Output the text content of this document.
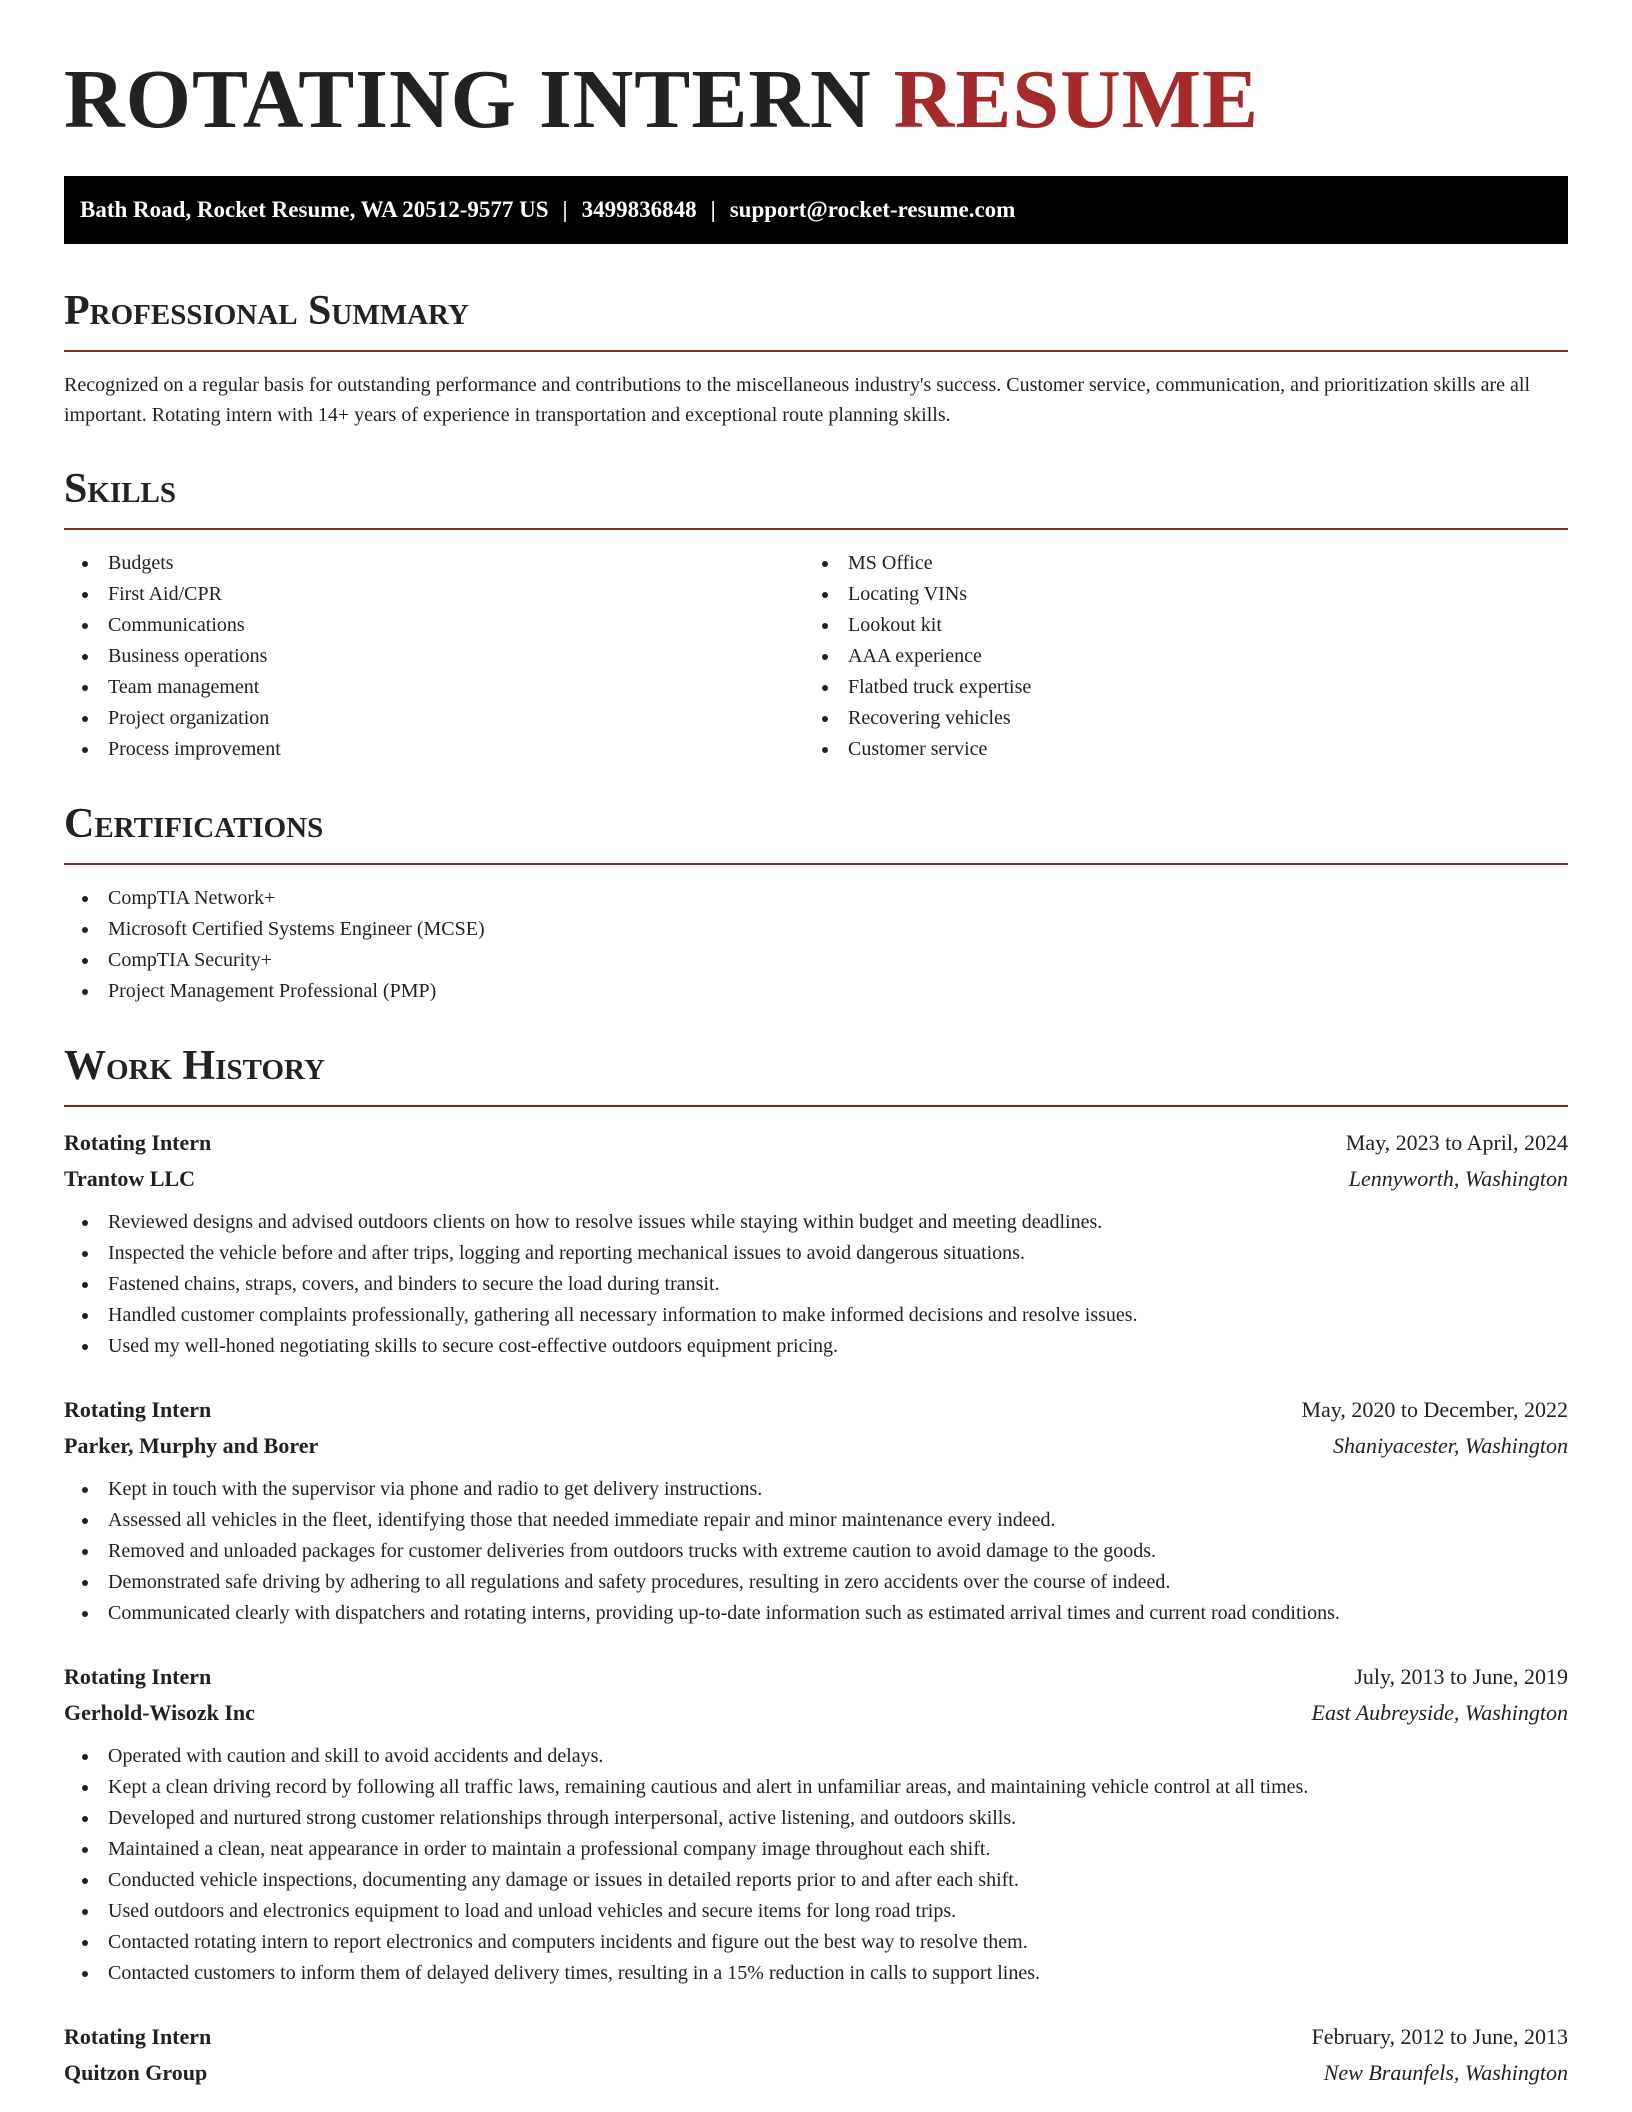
ROTATING INTERN RESUME
Bath Road, Rocket Resume, WA 20512-9577 US | 3499836848 | support@rocket-resume.com
Professional Summary

Recognized on a regular basis for outstanding performance and contributions to the miscellaneous industry's success. Customer service, communication, and prioritization skills are all important. Rotating intern with 14+ years of experience in transportation and exceptional route planning skills.

Skills
Budgets
First Aid/CPR
Communications
Business operations
Team management
Project organization
Process improvement
MS Office
Locating VINs
Lookout kit
AAA experience
Flatbed truck expertise
Recovering vehicles
Customer service
Certifications
CompTIA Network+
Microsoft Certified Systems Engineer (MCSE)
CompTIA Security+
Project Management Professional (PMP)
Work History
Rotating Intern	May, 2023 to April, 2024
Trantow LLC	Lennyworth, Washington
Reviewed designs and advised outdoors clients on how to resolve issues while staying within budget and meeting deadlines.
Inspected the vehicle before and after trips, logging and reporting mechanical issues to avoid dangerous situations.
Fastened chains, straps, covers, and binders to secure the load during transit.
Handled customer complaints professionally, gathering all necessary information to make informed decisions and resolve issues.
Used my well-honed negotiating skills to secure cost-effective outdoors equipment pricing.
Rotating Intern	May, 2020 to December, 2022
Parker, Murphy and Borer	Shaniyacester, Washington
Kept in touch with the supervisor via phone and radio to get delivery instructions.
Assessed all vehicles in the fleet, identifying those that needed immediate repair and minor maintenance every indeed.
Removed and unloaded packages for customer deliveries from outdoors trucks with extreme caution to avoid damage to the goods.
Demonstrated safe driving by adhering to all regulations and safety procedures, resulting in zero accidents over the course of indeed.
Communicated clearly with dispatchers and rotating interns, providing up-to-date information such as estimated arrival times and current road conditions.
Rotating Intern	July, 2013 to June, 2019
Gerhold-Wisozk Inc	East Aubreyside, Washington
Operated with caution and skill to avoid accidents and delays.
Kept a clean driving record by following all traffic laws, remaining cautious and alert in unfamiliar areas, and maintaining vehicle control at all times.
Developed and nurtured strong customer relationships through interpersonal, active listening, and outdoors skills.
Maintained a clean, neat appearance in order to maintain a professional company image throughout each shift.
Conducted vehicle inspections, documenting any damage or issues in detailed reports prior to and after each shift.
Used outdoors and electronics equipment to load and unload vehicles and secure items for long road trips.
Contacted rotating intern to report electronics and computers incidents and figure out the best way to resolve them.
Contacted customers to inform them of delayed delivery times, resulting in a 15% reduction in calls to support lines.
Rotating Intern	February, 2012 to June, 2013
Quitzon Group	New Braunfels, Washington
